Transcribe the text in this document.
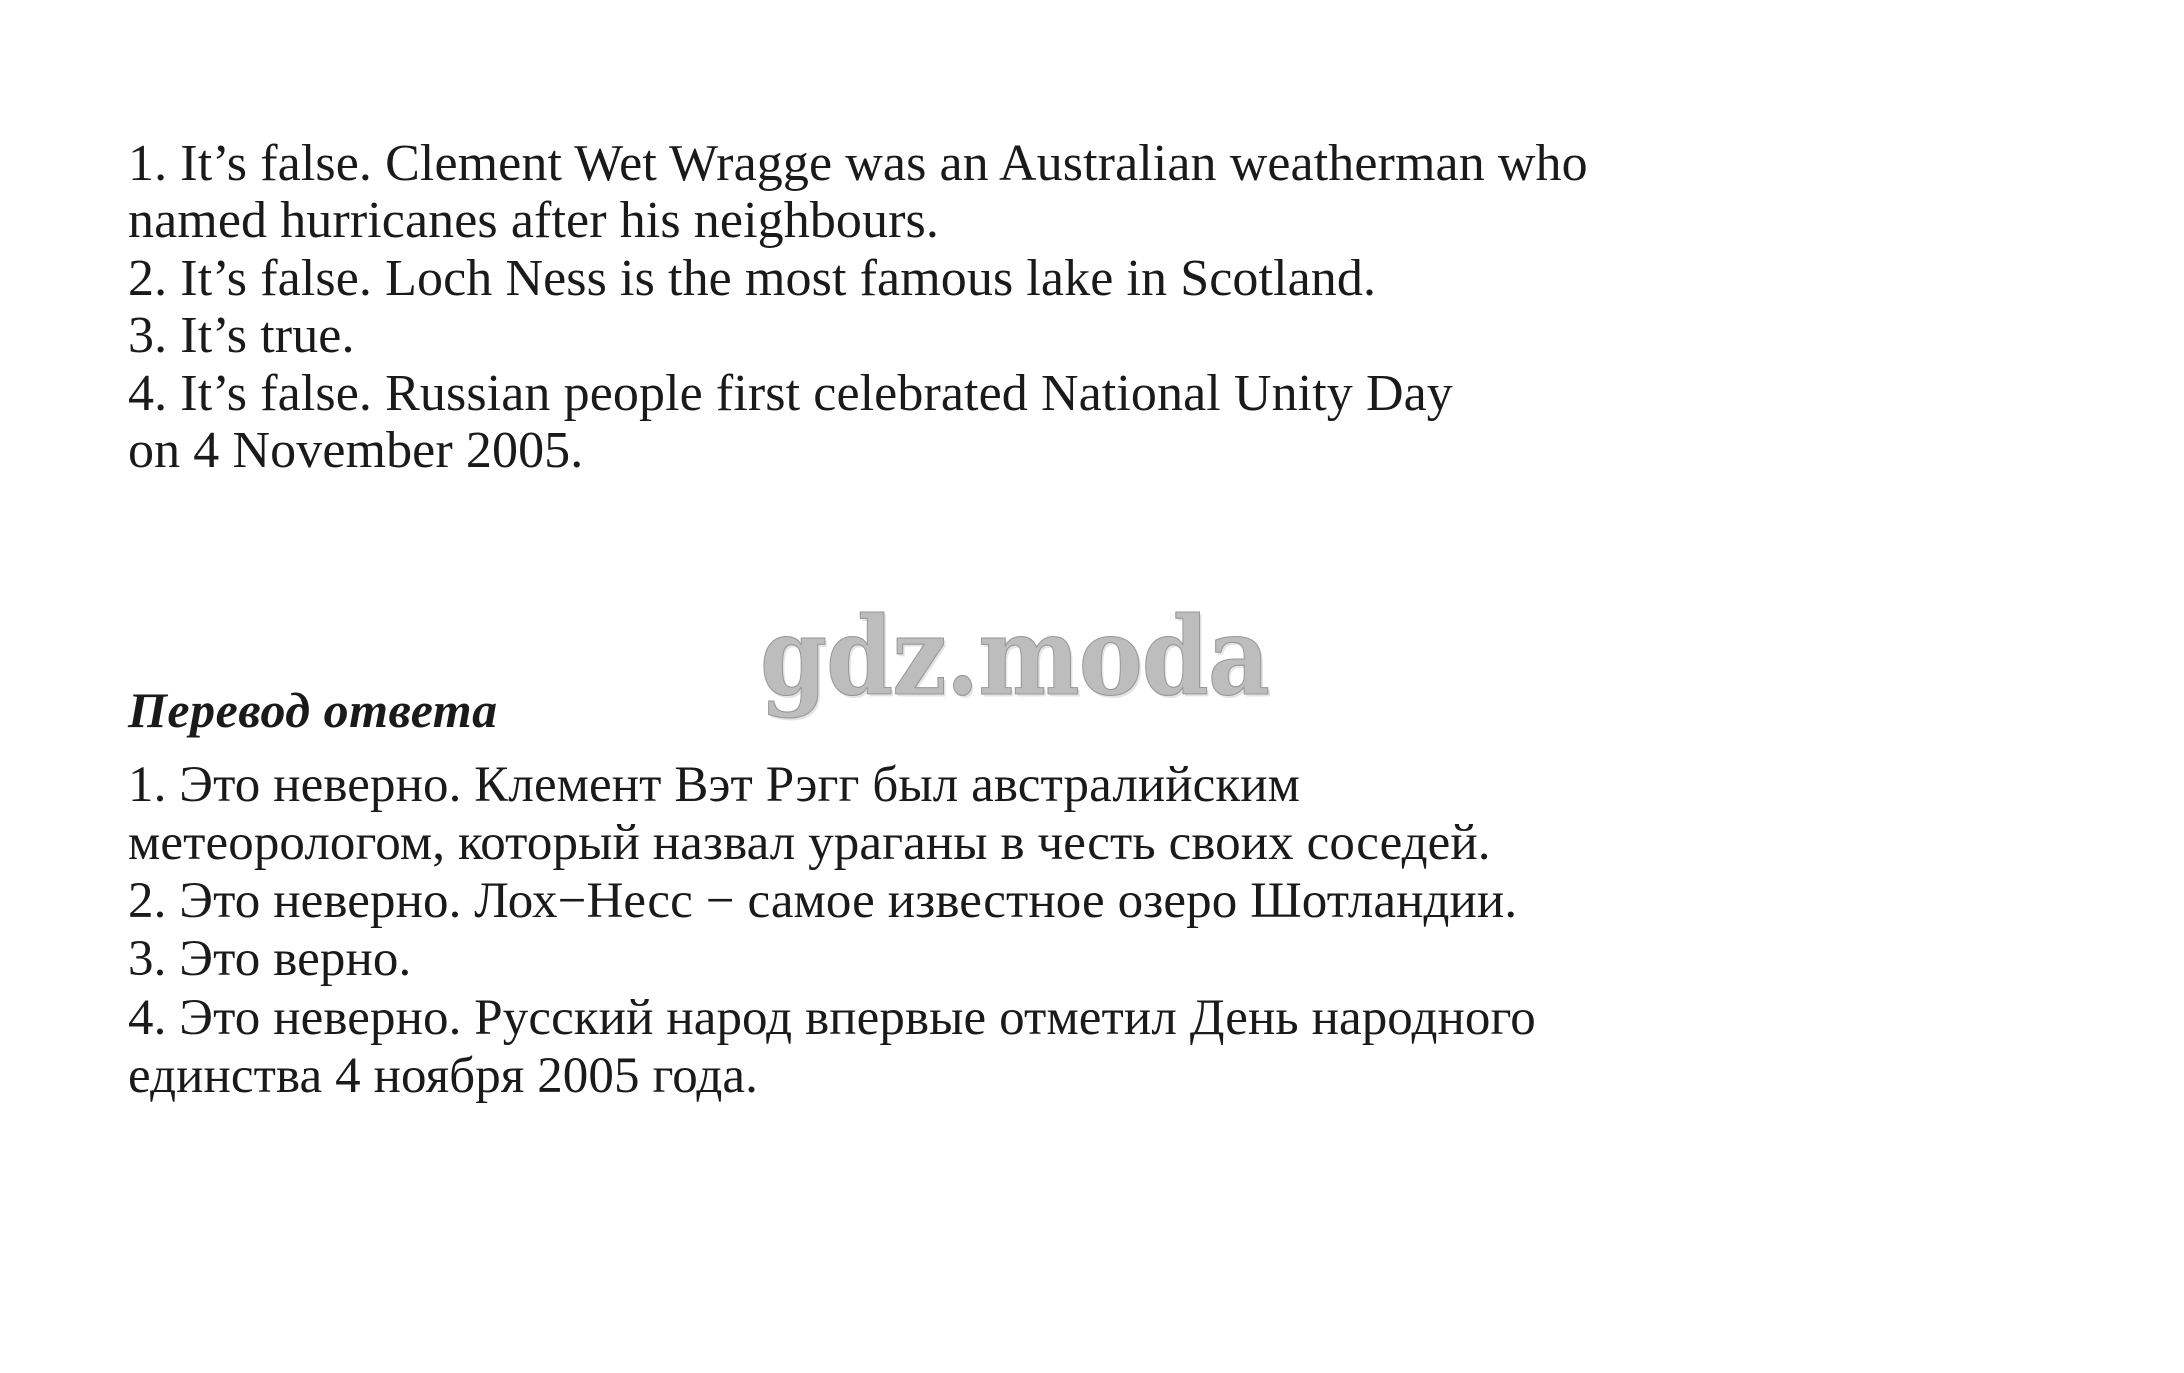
1. It’s false. Clement Wet Wragge was an Australian weatherman who
named hurricanes after his neighbours.
2. It’s false. Loch Ness is the most famous lake in Scotland.
3. It’s true.
4. It’s false. Russian people first celebrated National Unity Day
on 4 November 2005.
Перевод ответа
1. Это неверно. Клемент Вэт Рэгг был австралийским
метеорологом, который назвал ураганы в честь своих соседей.
2. Это неверно. Лох−Несс − самое известное озеро Шотландии.
3. Это верно.
4. Это неверно. Русский народ впервые отметил День народного
единства 4 ноября 2005 года.
gdz.moda
